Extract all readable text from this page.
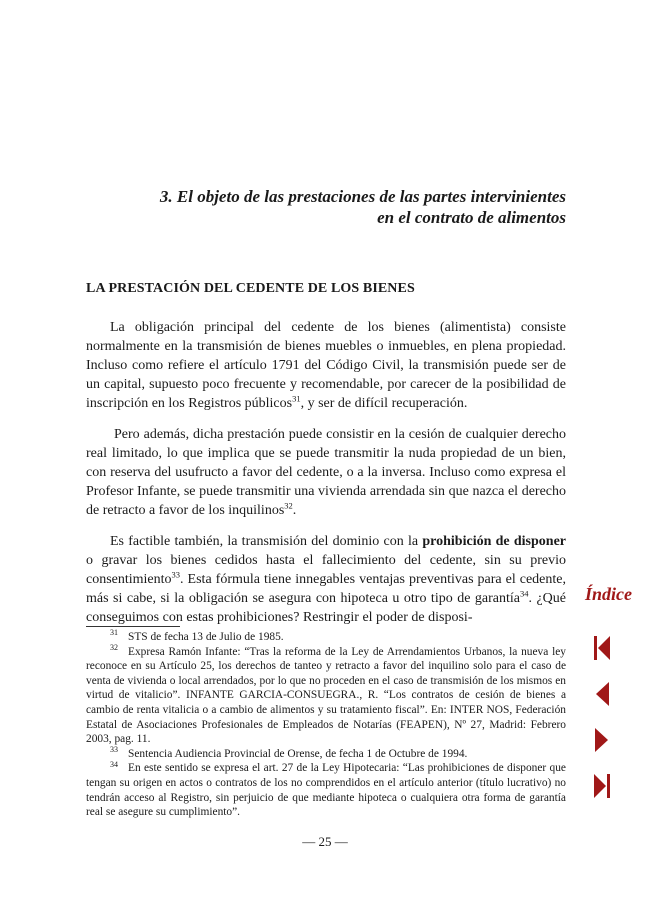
3. El objeto de las prestaciones de las partes intervinientes
en el contrato de alimentos
LA PRESTACIÓN DEL CEDENTE DE LOS BIENES

La obligación principal del cedente de los bienes (alimentista) consiste normalmente en la transmisión de bienes muebles o inmuebles, en plena propiedad. Incluso como refiere el artículo 1791 del Código Civil, la transmisión puede ser de un capital, supuesto poco frecuente y recomendable, por carecer de la posibilidad de inscripción en los Registros públicos$^{31}$, y ser de difícil recuperación.

Pero además, dicha prestación puede consistir en la cesión de cualquier derecho real limitado, lo que implica que se puede transmitir la nuda propiedad de un bien, con reserva del usufructo a favor del cedente, o a la inversa. Incluso como expresa el Profesor Infante, se puede transmitir una vivienda arrendada sin que nazca el derecho de retracto a favor de los inquilinos$^{32}$.

Es factible también, la transmisión del dominio con la prohibición de disponer o gravar los bienes cedidos hasta el fallecimiento del cedente, sin su previo consentimiento$^{33}$. Esta fórmula tiene innegables ventajas preventivas para el cedente, más si cabe, si la obligación se asegura con hipoteca u otro tipo de garantía$^{34}$. ¿Qué conseguimos con estas prohibiciones? Restringir el poder de disposi-

$^{31}$ STS de fecha 13 de Julio de 1985.

$^{32}$ Expresa Ramón Infante: “Tras la reforma de la Ley de Arrendamientos Urbanos, la nueva ley reconoce en su Artículo 25, los derechos de tanteo y retracto a favor del inquilino solo para el caso de venta de vivienda o local arrendados, por lo que no proceden en el caso de transmisión de los mismos en virtud de vitalicio”. INFANTE GARCIA-CONSUEGRA., R. “Los contratos de cesión de bienes a cambio de renta vitalicia o a cambio de alimentos y su tratamiento fiscal”. En: INTER NOS, Federación Estatal de Asociaciones Profesionales de Empleados de Notarías (FEAPEN), Nº 27, Madrid: Febrero 2003, pag. 11.

$^{33}$ Sentencia Audiencia Provincial de Orense, de fecha 1 de Octubre de 1994.

$^{34}$ En este sentido se expresa el art. 27 de la Ley Hipotecaria: “Las prohibiciones de disponer que tengan su origen en actos o contratos de los no comprendidos en el artículo anterior (título lucrativo) no tendrán acceso al Registro, sin perjuicio de que mediante hipoteca o cualquiera otra forma de garantía real se asegure su cumplimiento”.

— 25 —
Índice
